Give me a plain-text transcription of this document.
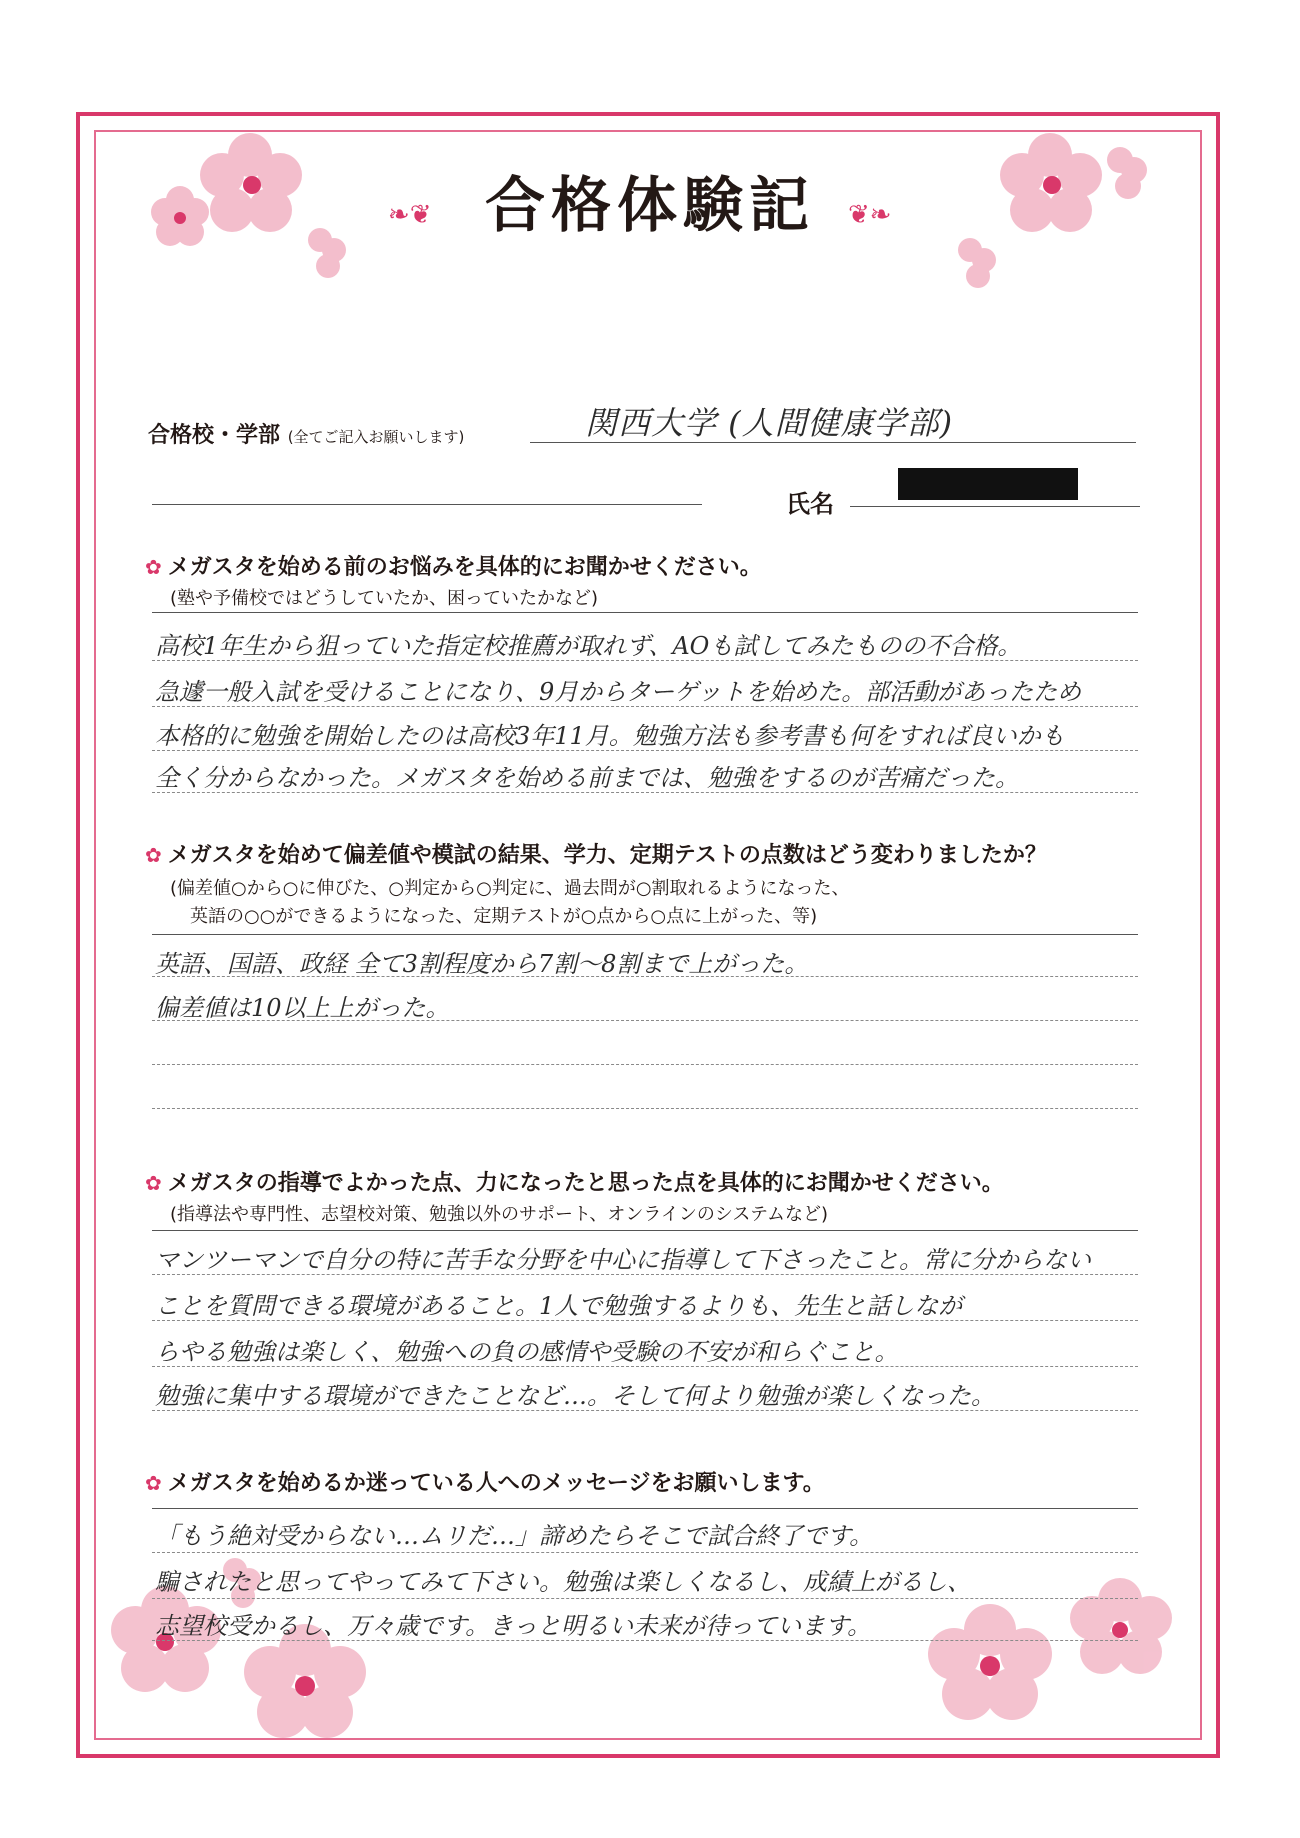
❧❦ 合格体験記	❦❧
合格校・学部 (全てご記入お願いします)	関西大学 (人間健康学部)
氏名
✿ メガスタを始める前のお悩みを具体的にお聞かせください。
(塾や予備校ではどうしていたか、困っていたかなど)
高校1年生から狙っていた指定校推薦が取れず、AOも試してみたものの不合格。
急遽一般入試を受けることになり、9月からターゲットを始めた。部活動があったため
本格的に勉強を開始したのは高校3年11月。勉強方法も参考書も何をすれば良いかも
全く分からなかった。メガスタを始める前までは、勉強をするのが苦痛だった。
✿ メガスタを始めて偏差値や模試の結果、学力、定期テストの点数はどう変わりましたか？
(偏差値○から○に伸びた、○判定から○判定に、過去問が○割取れるようになった、
英語の○○ができるようになった、定期テストが○点から○点に上がった、等)
英語、国語、政経 全て3割程度から7割～8割まで上がった。
偏差値は10以上上がった。
✿ メガスタの指導でよかった点、力になったと思った点を具体的にお聞かせください。
(指導法や専門性、志望校対策、勉強以外のサポート、オンラインのシステムなど)
マンツーマンで自分の特に苦手な分野を中心に指導して下さったこと。常に分からない
ことを質問できる環境があること。1人で勉強するよりも、先生と話しなが
らやる勉強は楽しく、勉強への負の感情や受験の不安が和らぐこと。
勉強に集中する環境ができたことなど…。そして何より勉強が楽しくなった。
✿ メガスタを始めるか迷っている人へのメッセージをお願いします。
「もう絶対受からない…ムリだ…」諦めたらそこで試合終了です。
騙されたと思ってやってみて下さい。勉強は楽しくなるし、成績上がるし、
志望校受かるし、万々歳です。きっと明るい未来が待っています。
